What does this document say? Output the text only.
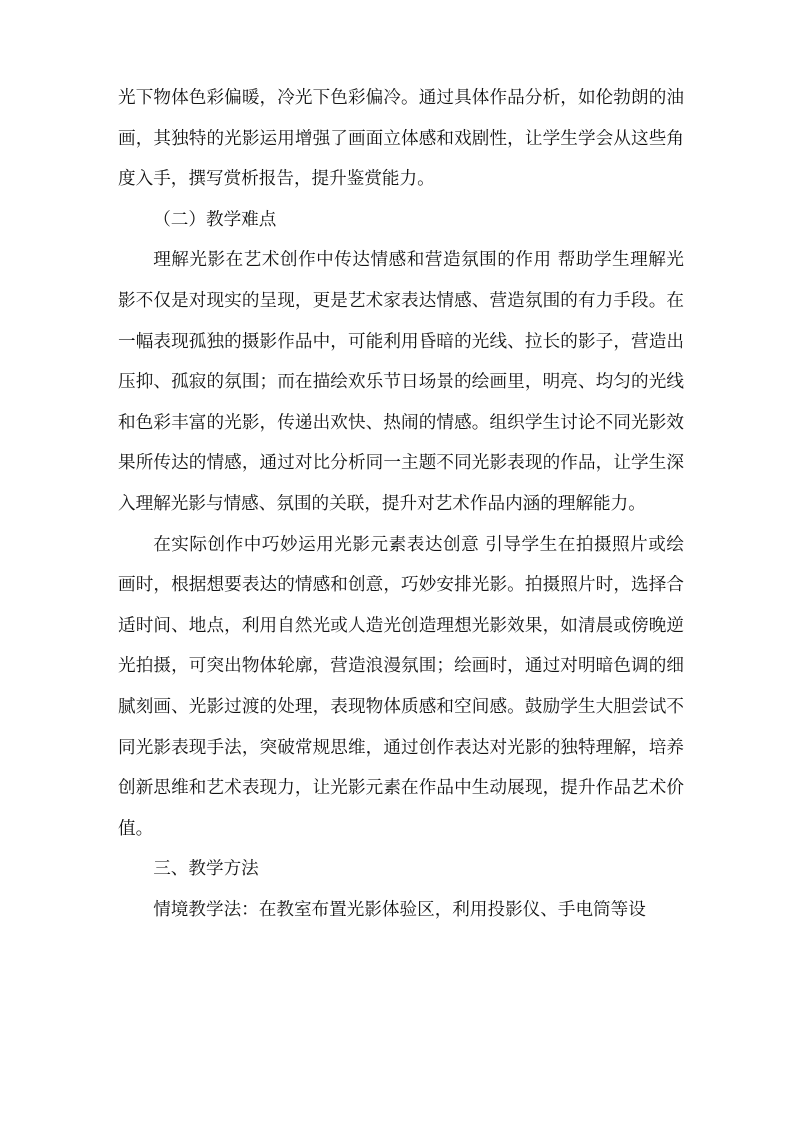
光下物体色彩偏暖，冷光下色彩偏冷。通过具体作品分析，如伦勃朗的油画，其独特的光影运用增强了画面立体感和戏剧性，让学生学会从这些角度入手，撰写赏析报告，提升鉴赏能力。

（二）教学难点

理解光影在艺术创作中传达情感和营造氛围的作用 帮助学生理解光影不仅是对现实的呈现，更是艺术家表达情感、营造氛围的有力手段。在一幅表现孤独的摄影作品中，可能利用昏暗的光线、拉长的影子，营造出压抑、孤寂的氛围；而在描绘欢乐节日场景的绘画里，明亮、均匀的光线和色彩丰富的光影，传递出欢快、热闹的情感。组织学生讨论不同光影效果所传达的情感，通过对比分析同一主题不同光影表现的作品，让学生深入理解光影与情感、氛围的关联，提升对艺术作品内涵的理解能力。

在实际创作中巧妙运用光影元素表达创意 引导学生在拍摄照片或绘画时，根据想要表达的情感和创意，巧妙安排光影。拍摄照片时，选择合适时间、地点，利用自然光或人造光创造理想光影效果，如清晨或傍晚逆光拍摄，可突出物体轮廓，营造浪漫氛围；绘画时，通过对明暗色调的细腻刻画、光影过渡的处理，表现物体质感和空间感。鼓励学生大胆尝试不同光影表现手法，突破常规思维，通过创作表达对光影的独特理解，培养创新思维和艺术表现力，让光影元素在作品中生动展现，提升作品艺术价值。

三、教学方法

情境教学法：在教室布置光影体验区，利用投影仪、手电筒等设
